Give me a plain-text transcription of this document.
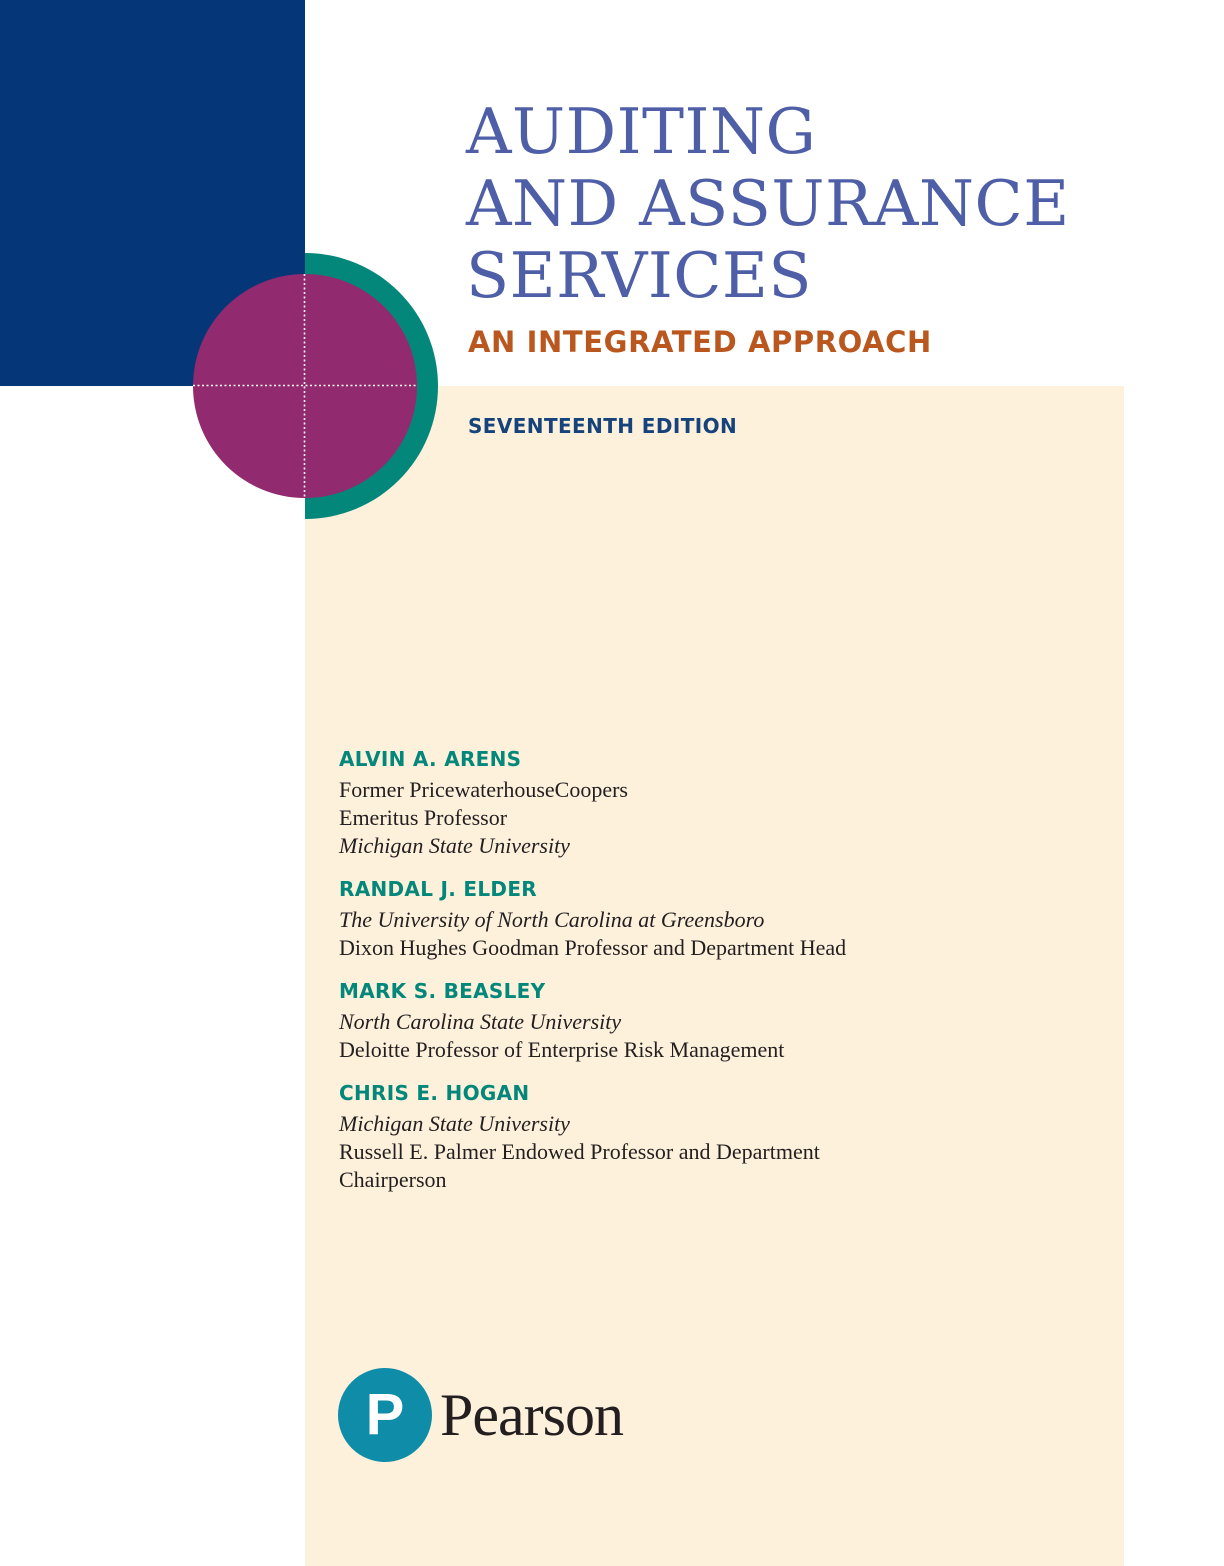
AUDITING
AND ASSURANCE
SERVICES
AN INTEGRATED APPROACH
SEVENTEENTH EDITION
ALVIN A. ARENS
Former PricewaterhouseCoopers
Emeritus Professor
Michigan State University
RANDAL J. ELDER
The University of North Carolina at Greensboro
Dixon Hughes Goodman Professor and Department Head
MARK S. BEASLEY
North Carolina State University
Deloitte Professor of Enterprise Risk Management
CHRIS E. HOGAN
Michigan State University
Russell E. Palmer Endowed Professor and Department
Chairperson
P Pearson
